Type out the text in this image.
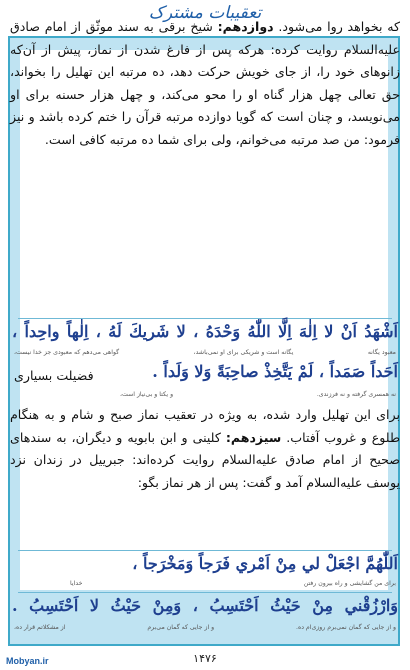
تعقیبات مشترک
که بخواهد روا می‌شود. دوازدهم: شیخ برقی به سند موثّق از امام صادق علیه‌السلام روایت کرده: هرکه پس از فارغ شدن از نماز، پیش از آن‌که زانوهای خود را، از جای خویش حرکت دهد، ده مرتبه این تهلیل را بخواند، حق تعالی چهل هزار گناه او را محو می‌کند، و چهل هزار حسنه برای او می‌نویسد، و چنان است که گویا دوازده مرتبه قرآن را ختم کرده باشد و نیز فرمود: من صد مرتبه می‌خوانم، ولی برای شما ده مرتبه کافی است.
اَشْهَدُ اَنْ لا اِلٰهَ اِلَّا اللّٰهُ وَحْدَهُ ، لا شَريكَ لَهُ ، اِلٰهاً واحِداً ،
گواهی می‌دهم که معبودی جز خدا نیست،	یگانه است و شریکی برای او نمی‌باشد،	معبود یگانه
اَحَداً صَمَداً ، لَمْ يَتَّخِذْ صاحِبَةً وَلا وَلَداً .
فضیلت بسیاری
و یکتا و بی‌نیاز است،	نه همسری گرفته و نه فرزندی.
برای این تهلیل وارد شده، به ویژه در تعقیب نماز صبح و شام و به هنگام طلوع و غروب آفتاب. سیزدهم: کلینی و ابن بابویه و دیگران، به سندهای صحیح از امام صادق علیه‌السلام روایت کرده‌اند: جبرییل در زندان نزد یوسف علیه‌السلام آمد و گفت: پس از هر نماز بگو:
اَللّٰهُمَّ اجْعَلْ لي مِنْ اَمْري فَرَجاً وَمَخْرَجاً ،
خدایا	برای من گشایشی و راه بیرون رفتن
وَارْزُقْني مِنْ حَيْثُ اَحْتَسِبُ ، وَمِنْ حَيْثُ لا اَحْتَسِبُ .
از مشکلاتم قرار ده،	و از جایی که گمان می‌برم	و از جایی که گمان نمی‌برم روزی‌ام ده.
۱۴۷۶
Mobyan.ir
